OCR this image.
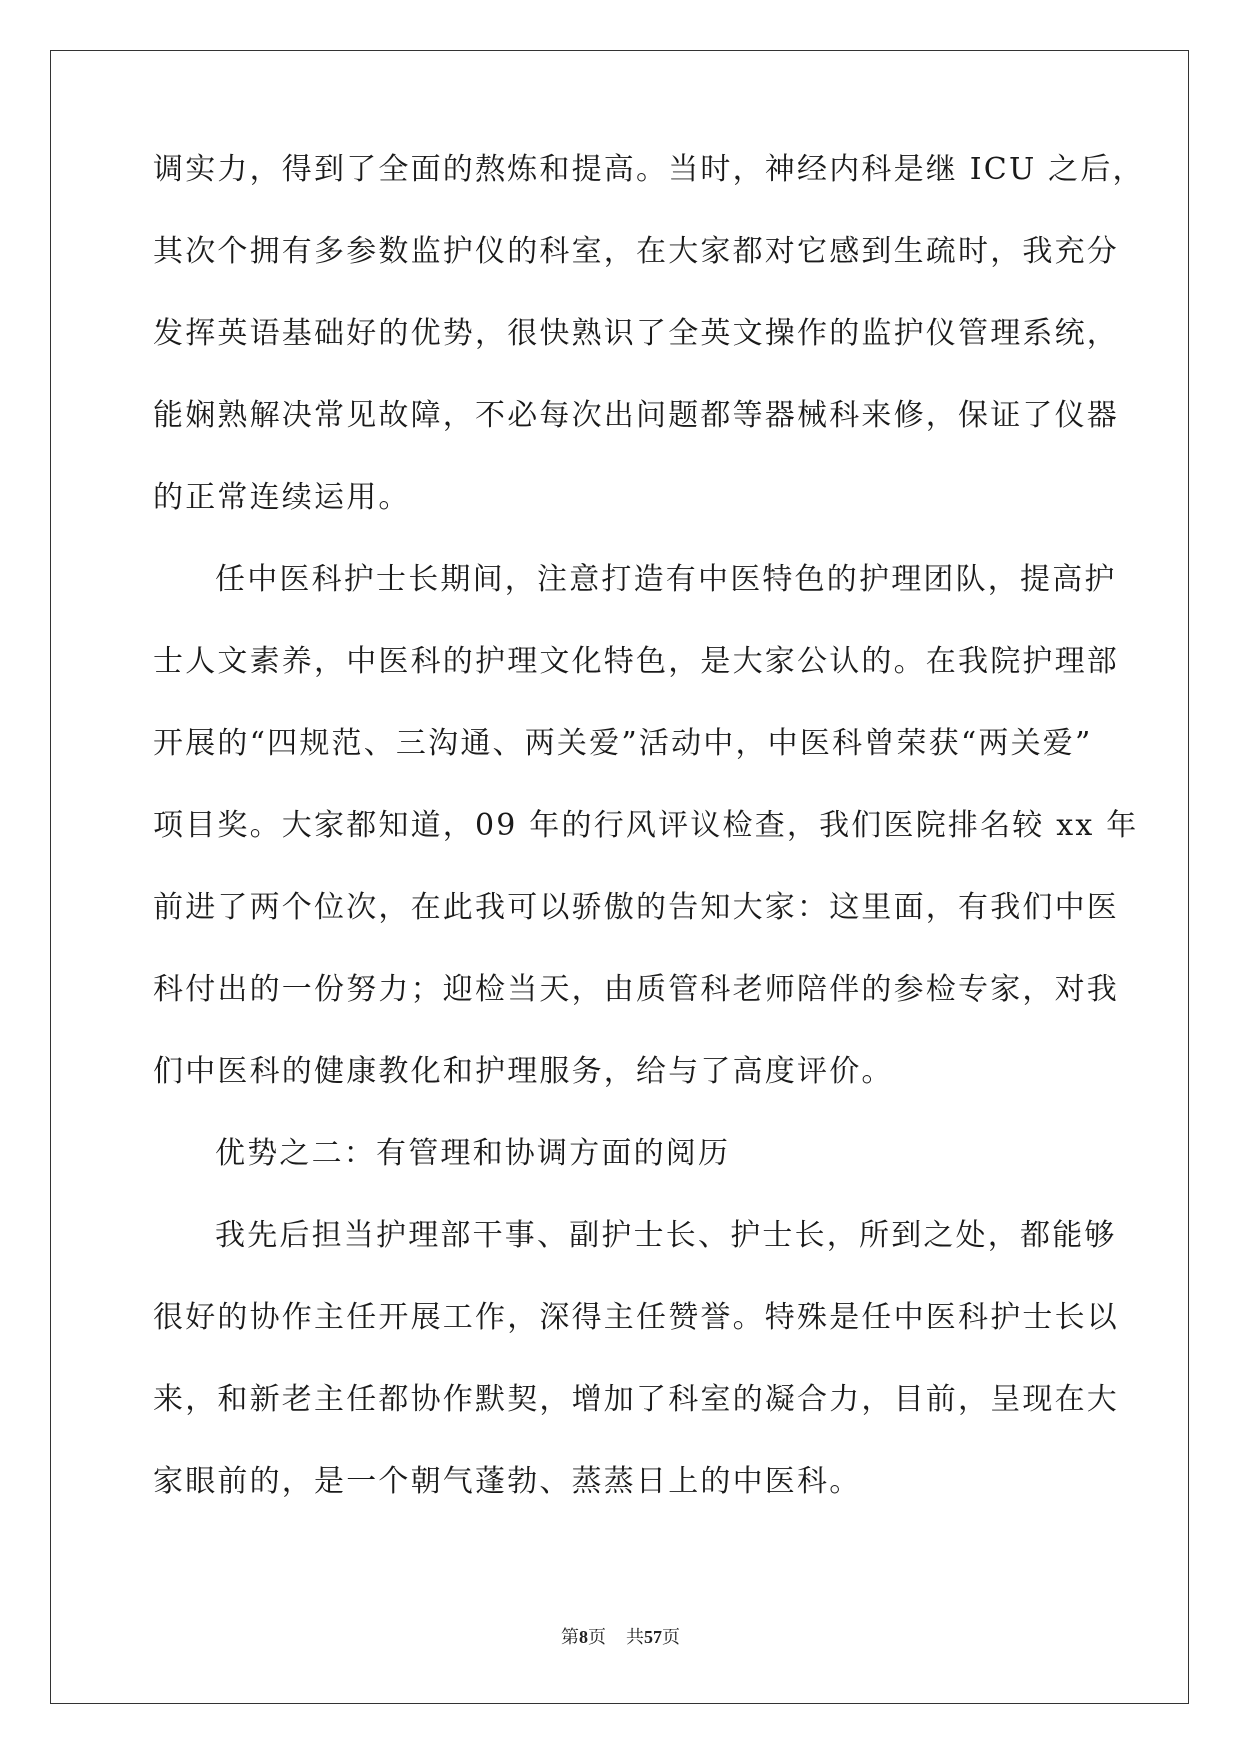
调实力，得到了全面的熬炼和提高。当时，神经内科是继 ICU 之后，

其次个拥有多参数监护仪的科室，在大家都对它感到生疏时，我充分

发挥英语基础好的优势，很快熟识了全英文操作的监护仪管理系统，

能娴熟解决常见故障，不必每次出问题都等器械科来修，保证了仪器

的正常连续运用。

任中医科护士长期间，注意打造有中医特色的护理团队，提高护

士人文素养，中医科的护理文化特色，是大家公认的。在我院护理部

开展的“四规范、三沟通、两关爱”活动中，中医科曾荣获“两关爱”

项目奖。大家都知道，09 年的行风评议检查，我们医院排名较 xx 年

前进了两个位次，在此我可以骄傲的告知大家：这里面，有我们中医

科付出的一份努力；迎检当天，由质管科老师陪伴的参检专家，对我

们中医科的健康教化和护理服务，给与了高度评价。

优势之二：有管理和协调方面的阅历

我先后担当护理部干事、副护士长、护士长，所到之处，都能够

很好的协作主任开展工作，深得主任赞誉。特殊是任中医科护士长以

来，和新老主任都协作默契，增加了科室的凝合力，目前，呈现在大

家眼前的，是一个朝气蓬勃、蒸蒸日上的中医科。

第8页 共57页
